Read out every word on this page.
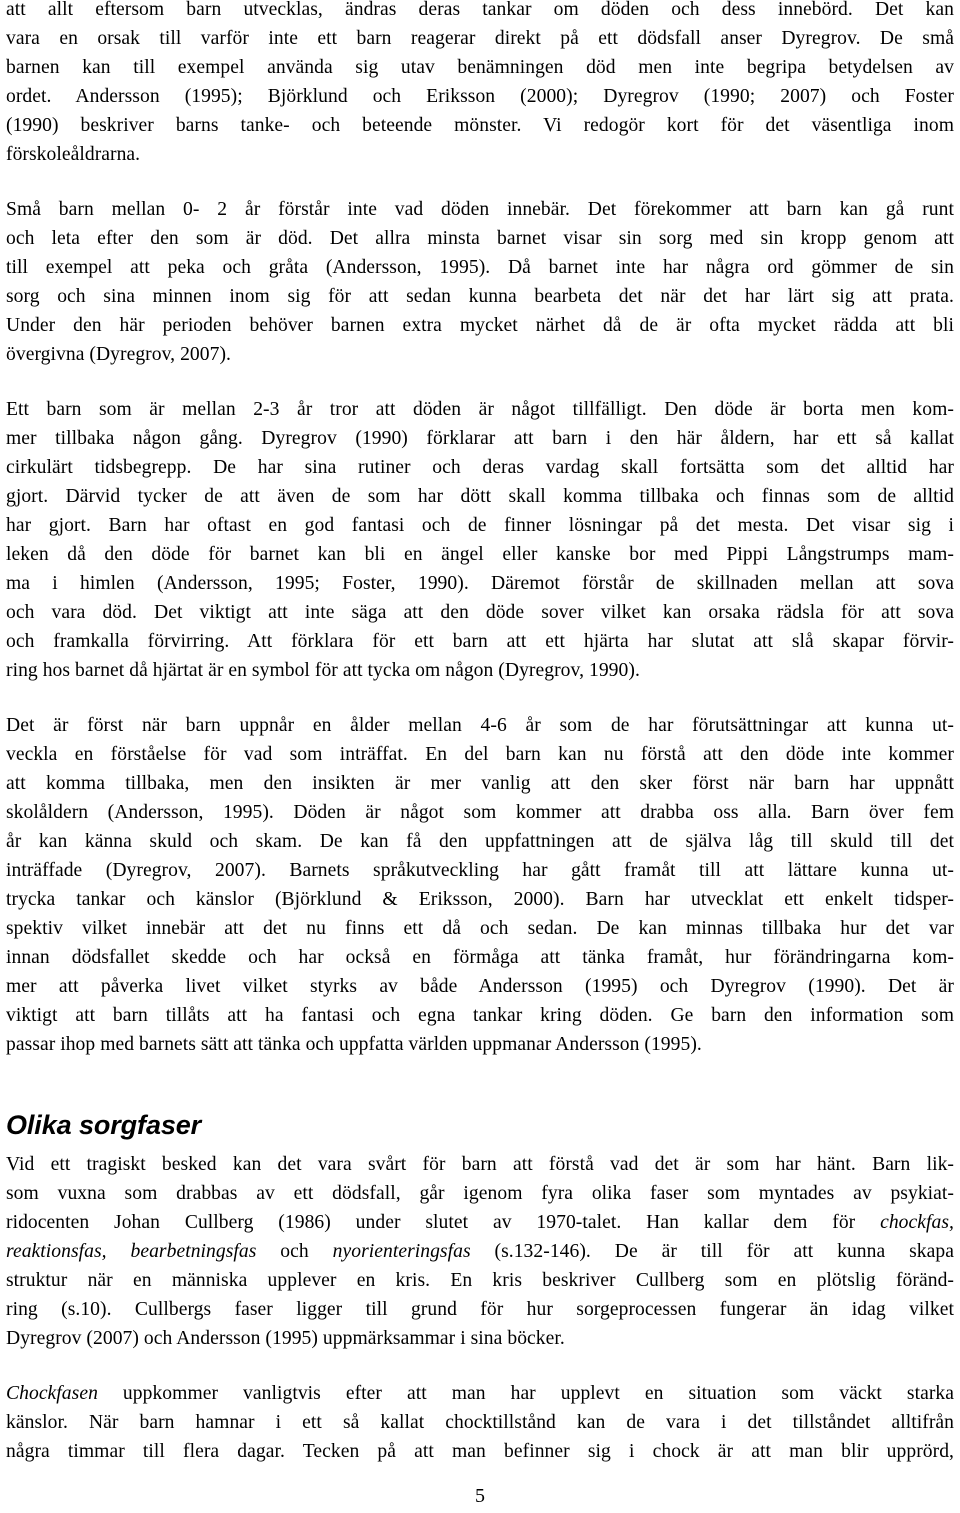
att allt eftersom barn utvecklas, ändras deras tankar om döden och dess innebörd. Det kan
vara en orsak till varför inte ett barn reagerar direkt på ett dödsfall anser Dyregrov. De små
barnen kan till exempel använda sig utav benämningen död men inte begripa betydelsen av
ordet. Andersson (1995); Björklund och Eriksson (2000); Dyregrov (1990; 2007) och Foster
(1990) beskriver barns tanke- och beteende mönster. Vi redogör kort för det väsentliga inom
förskoleåldrarna.
Små barn mellan 0- 2 år förstår inte vad döden innebär. Det förekommer att barn kan gå runt
och leta efter den som är död. Det allra minsta barnet visar sin sorg med sin kropp genom att
till exempel att peka och gråta (Andersson, 1995). Då barnet inte har några ord gömmer de sin
sorg och sina minnen inom sig för att sedan kunna bearbeta det när det har lärt sig att prata.
Under den här perioden behöver barnen extra mycket närhet då de är ofta mycket rädda att bli
övergivna (Dyregrov, 2007).
Ett barn som är mellan 2-3 år tror att döden är något tillfälligt. Den döde är borta men kom-
mer tillbaka någon gång. Dyregrov (1990) förklarar att barn i den här åldern, har ett så kallat
cirkulärt tidsbegrepp. De har sina rutiner och deras vardag skall fortsätta som det alltid har
gjort. Därvid tycker de att även de som har dött skall komma tillbaka och finnas som de alltid
har gjort. Barn har oftast en god fantasi och de finner lösningar på det mesta. Det visar sig i
leken då den döde för barnet kan bli en ängel eller kanske bor med Pippi Långstrumps mam-
ma i himlen (Andersson, 1995; Foster, 1990). Däremot förstår de skillnaden mellan att sova
och vara död. Det viktigt att inte säga att den döde sover vilket kan orsaka rädsla för att sova
och framkalla förvirring. Att förklara för ett barn att ett hjärta har slutat att slå skapar förvir-
ring hos barnet då hjärtat är en symbol för att tycka om någon (Dyregrov, 1990).
Det är först när barn uppnår en ålder mellan 4-6 år som de har förutsättningar att kunna ut-
veckla en förståelse för vad som inträffat. En del barn kan nu förstå att den döde inte kommer
att komma tillbaka, men den insikten är mer vanlig att den sker först när barn har uppnått
skolåldern (Andersson, 1995). Döden är något som kommer att drabba oss alla. Barn över fem
år kan känna skuld och skam. De kan få den uppfattningen att de själva låg till skuld till det
inträffade (Dyregrov, 2007). Barnets språkutveckling har gått framåt till att lättare kunna ut-
trycka tankar och känslor (Björklund & Eriksson, 2000). Barn har utvecklat ett enkelt tidsper-
spektiv vilket innebär att det nu finns ett då och sedan. De kan minnas tillbaka hur det var
innan dödsfallet skedde och har också en förmåga att tänka framåt, hur förändringarna kom-
mer att påverka livet vilket styrks av både Andersson (1995) och Dyregrov (1990). Det är
viktigt att barn tillåts att ha fantasi och egna tankar kring döden. Ge barn den information som
passar ihop med barnets sätt att tänka och uppfatta världen uppmanar Andersson (1995).
Olika sorgfaser
Vid ett tragiskt besked kan det vara svårt för barn att förstå vad det är som har hänt. Barn lik-
som vuxna som drabbas av ett dödsfall, går igenom fyra olika faser som myntades av psykiat-
ridocenten Johan Cullberg (1986) under slutet av 1970-talet. Han kallar dem för chockfas,
reaktionsfas, bearbetningsfas och nyorienteringsfas (s.132-146). De är till för att kunna skapa
struktur när en människa upplever en kris. En kris beskriver Cullberg som en plötslig föränd-
ring (s.10). Cullbergs faser ligger till grund för hur sorgeprocessen fungerar än idag vilket
Dyregrov (2007) och Andersson (1995) uppmärksammar i sina böcker.
Chockfasen uppkommer vanligtvis efter att man har upplevt en situation som väckt starka
känslor. När barn hamnar i ett så kallat chocktillstånd kan de vara i det tillståndet alltifrån
några timmar till flera dagar. Tecken på att man befinner sig i chock är att man blir upprörd,
5
